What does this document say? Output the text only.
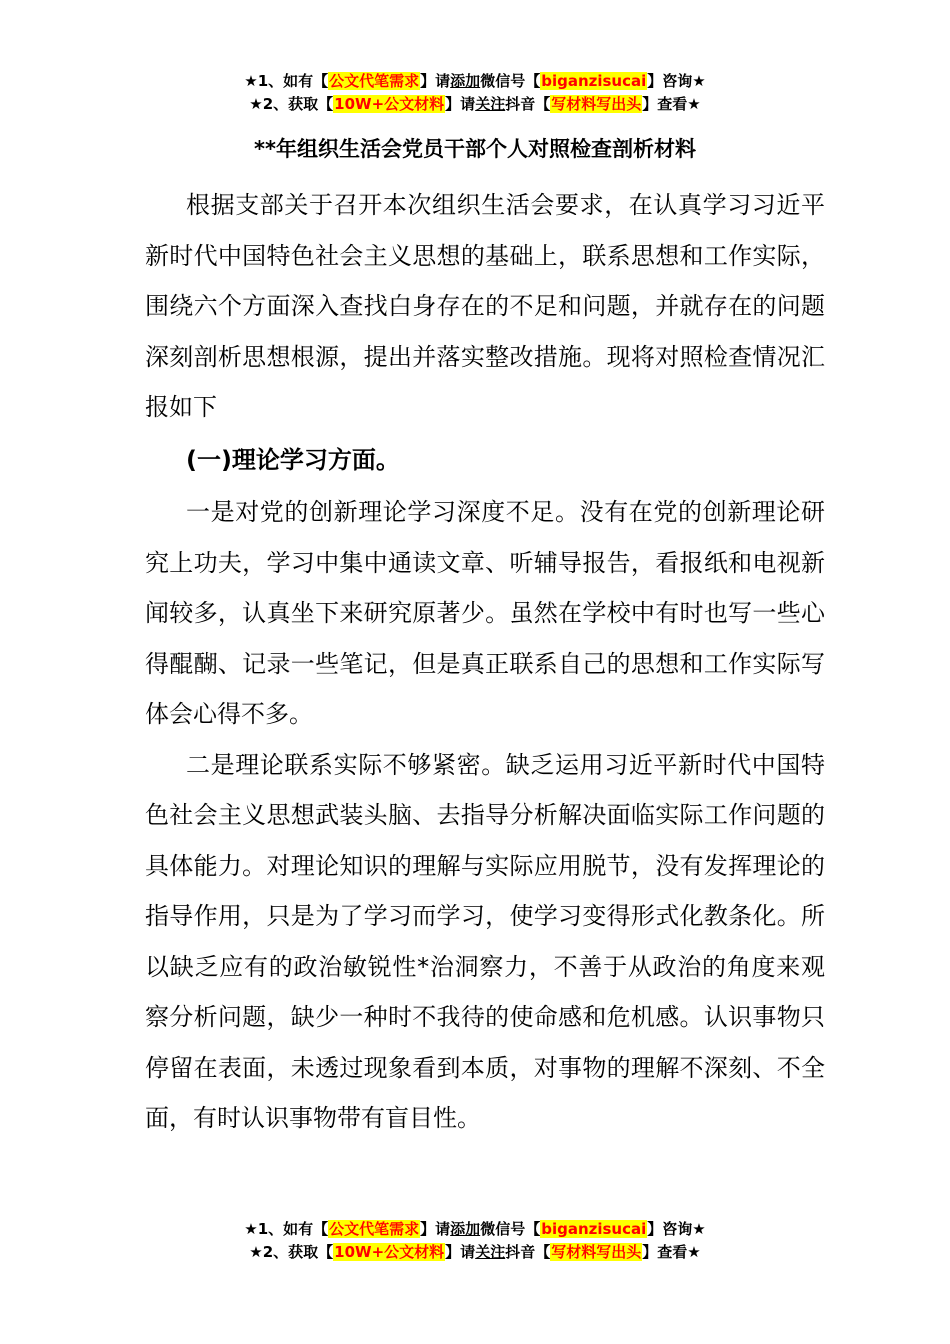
★1、如有【公文代笔需求】请添加微信号【biganzisucai】咨询★
★2、获取【10W+公文材料】请关注抖音【写材料写出头】查看★
**年组织生活会党员干部个人对照检查剖析材料

根据支部关于召开本次组织生活会要求，在认真学习习近平新时代中国特色社会主义思想的基础上，联系思想和工作实际，围绕六个方面深入查找白身存在的不足和问题，并就存在的问题深刻剖析思想根源，提出并落实整改措施。现将对照检查情况汇报如下

(一)理论学习方面。

一是对党的创新理论学习深度不足。没有在党的创新理论研究上功夫，学习中集中通读文章、听辅导报告，看报纸和电视新闻较多，认真坐下来研究原著少。虽然在学校中有时也写一些心得醌醐、记录一些笔记，但是真正联系自己的思想和工作实际写体会心得不多。

二是理论联系实际不够紧密。缺乏运用习近平新时代中国特色社会主义思想武装头脑、去指导分析解决面临实际工作问题的具体能力。对理论知识的理解与实际应用脱节，没有发挥理论的指导作用，只是为了学习而学习，使学习变得形式化教条化。所以缺乏应有的政治敏锐性*治洞察力，不善于从政治的角度来观察分析问题，缺少一种时不我待的使命感和危机感。认识事物只停留在表面，未透过现象看到本质，对事物的理解不深刻、不全面，有时认识事物带有盲目性。

★1、如有【公文代笔需求】请添加微信号【biganzisucai】咨询★
★2、获取【10W+公文材料】请关注抖音【写材料写出头】查看★
